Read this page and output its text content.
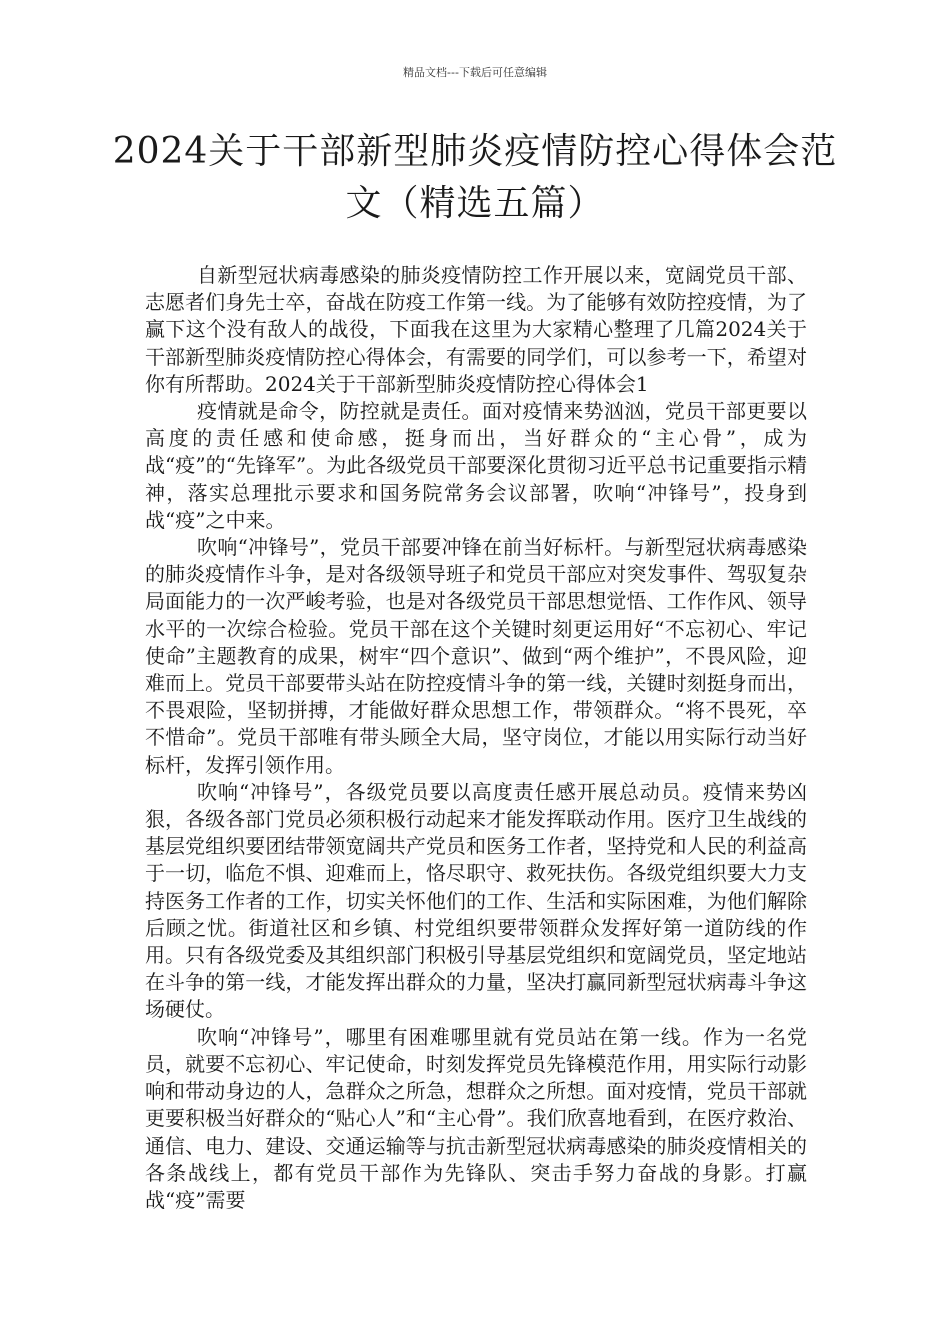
精品文档---下载后可任意编辑
2024关于干部新型肺炎疫情防控心得体会范文（精选五篇）

自新型冠状病毒感染的肺炎疫情防控工作开展以来，宽阔党员干部、志愿者们身先士卒，奋战在防疫工作第一线。为了能够有效防控疫情，为了赢下这个没有敌人的战役，下面我在这里为大家精心整理了几篇2024关于干部新型肺炎疫情防控心得体会，有需要的同学们，可以参考一下，希望对你有所帮助。2024关于干部新型肺炎疫情防控心得体会1

疫情就是命令，防控就是责任。面对疫情来势汹汹，党员干部更要以高度的责任感和使命感，挺身而出，当好群众的“主心骨”，成为战“疫”的“先锋军”。为此各级党员干部要深化贯彻习近平总书记重要指示精神，落实总理批示要求和国务院常务会议部署，吹响“冲锋号”，投身到战“疫”之中来。

吹响“冲锋号”，党员干部要冲锋在前当好标杆。与新型冠状病毒感染的肺炎疫情作斗争，是对各级领导班子和党员干部应对突发事件、驾驭复杂局面能力的一次严峻考验，也是对各级党员干部思想觉悟、工作作风、领导水平的一次综合检验。党员干部在这个关键时刻更运用好“不忘初心、牢记使命”主题教育的成果，树牢“四个意识”、做到“两个维护”，不畏风险，迎难而上。党员干部要带头站在防控疫情斗争的第一线，关键时刻挺身而出，不畏艰险，坚韧拼搏，才能做好群众思想工作，带领群众。“将不畏死，卒不惜命”。党员干部唯有带头顾全大局，坚守岗位，才能以用实际行动当好标杆，发挥引领作用。

吹响“冲锋号”，各级党员要以高度责任感开展总动员。疫情来势凶狠，各级各部门党员必须积极行动起来才能发挥联动作用。医疗卫生战线的基层党组织要团结带领宽阔共产党员和医务工作者，坚持党和人民的利益高于一切，临危不惧、迎难而上，恪尽职守、救死扶伤。各级党组织要大力支持医务工作者的工作，切实关怀他们的工作、生活和实际困难，为他们解除后顾之忧。街道社区和乡镇、村党组织要带领群众发挥好第一道防线的作用。只有各级党委及其组织部门积极引导基层党组织和宽阔党员，坚定地站在斗争的第一线，才能发挥出群众的力量，坚决打赢同新型冠状病毒斗争这场硬仗。

吹响“冲锋号”，哪里有困难哪里就有党员站在第一线。作为一名党员，就要不忘初心、牢记使命，时刻发挥党员先锋模范作用，用实际行动影响和带动身边的人，急群众之所急，想群众之所想。面对疫情，党员干部就更要积极当好群众的“贴心人”和“主心骨”。我们欣喜地看到，在医疗救治、通信、电力、建设、交通运输等与抗击新型冠状病毒感染的肺炎疫情相关的各条战线上，都有党员干部作为先锋队、突击手努力奋战的身影。打赢战“疫”需要
